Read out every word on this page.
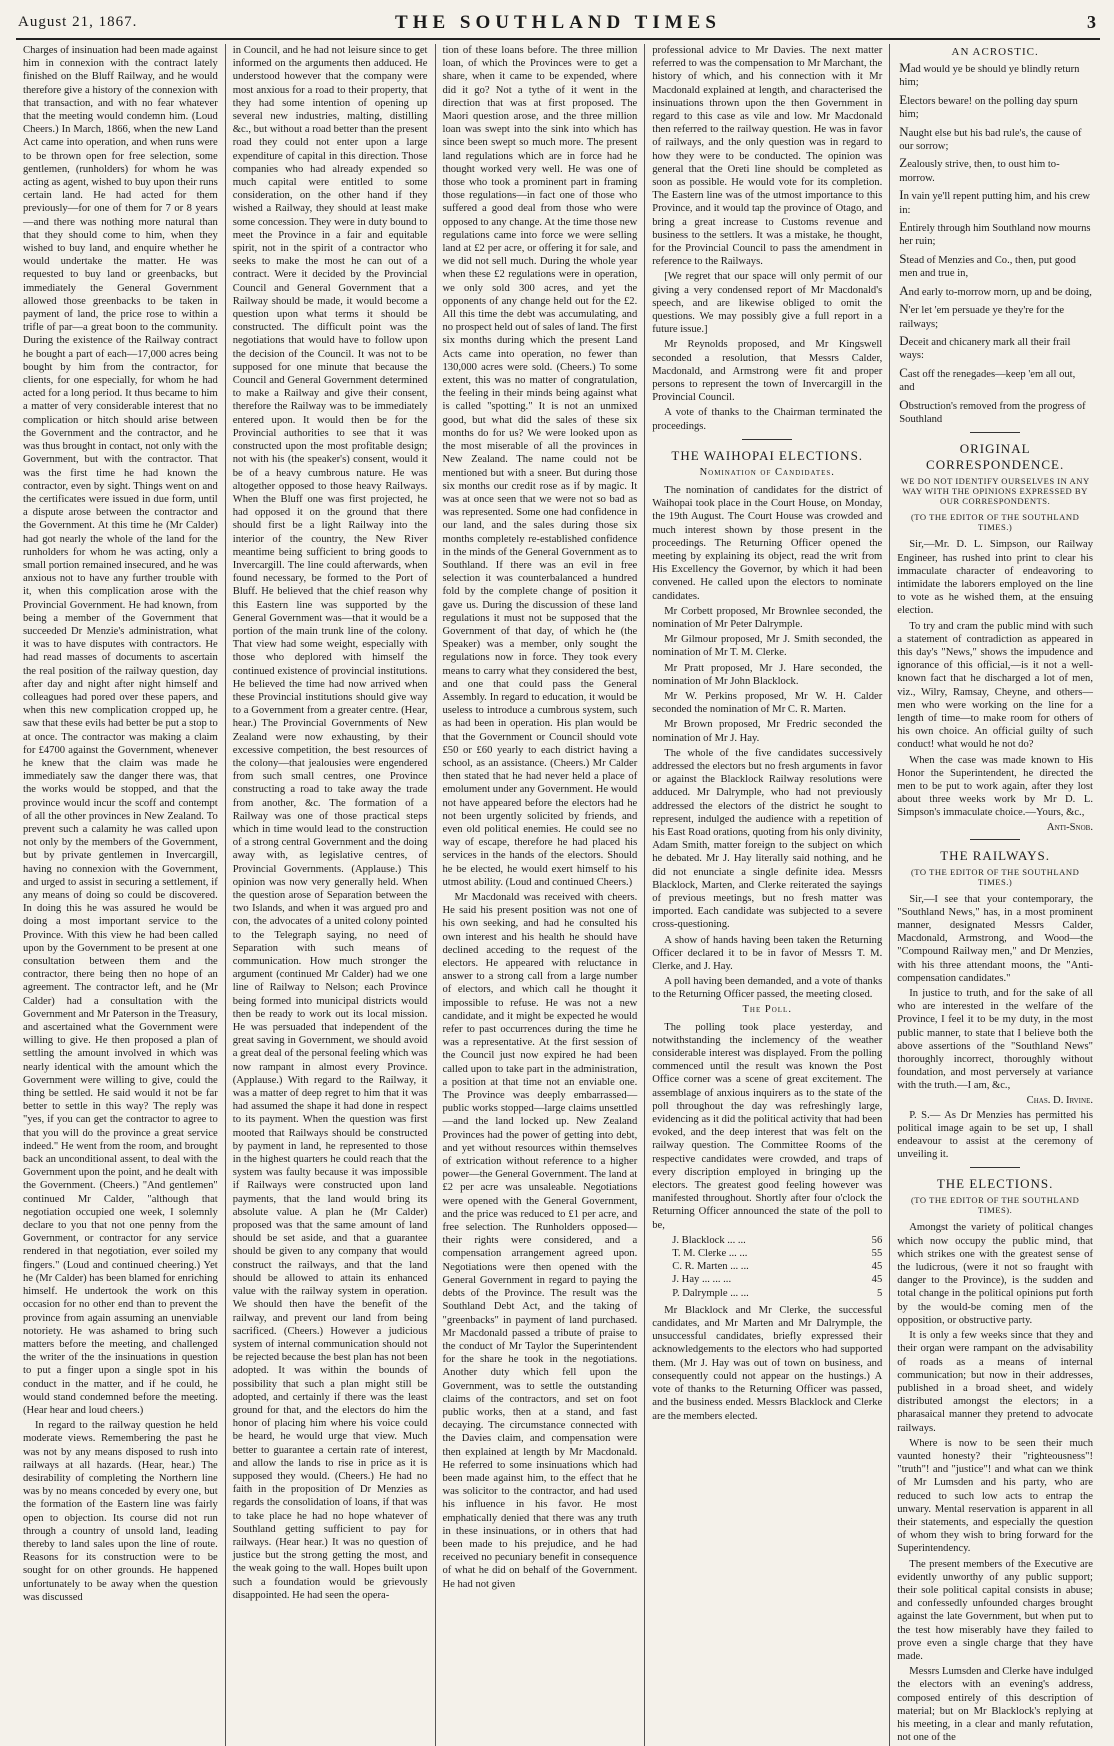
August 21, 1867.	THE SOUTHLAND TIMES	3

Charges of insinuation had been made against him in connexion with the contract lately finished on the Bluff Railway, and he would therefore give a history of the connexion with that transaction, and with no fear whatever that the meeting would condemn him. (Loud Cheers.) In March, 1866, when the new Land Act came into operation, and when runs were to be thrown open for free selection, some gentlemen, (runholders) for whom he was acting as agent, wished to buy upon their runs certain land. He had acted for them previously—for one of them for 7 or 8 years—and there was nothing more natural than that they should come to him, when they wished to buy land, and enquire whether he would undertake the matter. He was requested to buy land or greenbacks, but immediately the General Government allowed those greenbacks to be taken in payment of land, the price rose to within a trifle of par—a great boon to the community. During the existence of the Railway contract he bought a part of each—17,000 acres being bought by him from the contractor, for clients, for one especially, for whom he had acted for a long period. It thus became to him a matter of very considerable interest that no complication or hitch should arise between the Government and the contractor, and he was thus brought in contact, not only with the Government, but with the contractor. That was the first time he had known the contractor, even by sight. Things went on and the certificates were issued in due form, until a dispute arose between the contractor and the Government. At this time he (Mr Calder) had got nearly the whole of the land for the runholders for whom he was acting, only a small portion remained insecured, and he was anxious not to have any further trouble with it, when this complication arose with the Provincial Government. He had known, from being a member of the Government that succeeded Dr Menzie's administration, what it was to have disputes with contractors. He had read masses of documents to ascertain the real position of the railway question, day after day and night after night himself and colleagues had pored over these papers, and when this new complication cropped up, he saw that these evils had better be put a stop to at once. The contractor was making a claim for £4700 against the Government, whenever he knew that the claim was made he immediately saw the danger there was, that the works would be stopped, and that the province would incur the scoff and contempt of all the other provinces in New Zealand. To prevent such a calamity he was called upon not only by the members of the Government, but by private gentlemen in Invercargill, having no connexion with the Government, and urged to assist in securing a settlement, if any means of doing so could be discovered. In doing this he was assured he would be doing a most important service to the Province. With this view he had been called upon by the Government to be present at one consultation between them and the contractor, there being then no hope of an agreement. The contractor left, and he (Mr Calder) had a consultation with the Government and Mr Paterson in the Treasury, and ascertained what the Government were willing to give. He then proposed a plan of settling the amount involved in which was nearly identical with the amount which the Government were willing to give, could the thing be settled. He said would it not be far better to settle in this way? The reply was "yes, if you can get the contractor to agree to that you will do the province a great service indeed." He went from the room, and brought back an unconditional assent, to deal with the Government upon the point, and he dealt with the Government. (Cheers.) "And gentlemen" continued Mr Calder, "although that negotiation occupied one week, I solemnly declare to you that not one penny from the Government, or contractor for any service rendered in that negotiation, ever soiled my fingers." (Loud and continued cheering.) Yet he (Mr Calder) has been blamed for enriching himself. He undertook the work on this occasion for no other end than to prevent the province from again assuming an unenviable notoriety. He was ashamed to bring such matters before the meeting, and challenged the writer of the the insinuations in question to put a finger upon a single spot in his conduct in the matter, and if he could, he would stand condemned before the meeting. (Hear hear and loud cheers.)

In regard to the railway question he held moderate views. Remembering the past he was not by any means disposed to rush into railways at all hazards. (Hear, hear.) The desirability of completing the Northern line was by no means conceded by every one, but the formation of the Eastern line was fairly open to objection. Its course did not run through a country of unsold land, leading thereby to land sales upon the line of route. Reasons for its construction were to be sought for on other grounds. He happened unfortunately to be away when the question was discussed

in Council, and he had not leisure since to get informed on the arguments then adduced. He understood however that the company were most anxious for a road to their property, that they had some intention of opening up several new industries, malting, distilling &c., but without a road better than the present road they could not enter upon a large expenditure of capital in this direction. Those companies who had already expended so much capital were entitled to some consideration, on the other hand if they wished a Railway, they should at least make some concession. They were in duty bound to meet the Province in a fair and equitable spirit, not in the spirit of a contractor who seeks to make the most he can out of a contract. Were it decided by the Provincial Council and General Government that a Railway should be made, it would become a question upon what terms it should be constructed. The difficult point was the negotiations that would have to follow upon the decision of the Council. It was not to be supposed for one minute that because the Council and General Government determined to make a Railway and give their consent, therefore the Railway was to be immediately entered upon. It would then be for the Provincial authorities to see that it was constructed upon the most profitable design; not with his (the speaker's) consent, would it be of a heavy cumbrous nature. He was altogether opposed to those heavy Railways. When the Bluff one was first projected, he had opposed it on the ground that there should first be a light Railway into the interior of the country, the New River meantime being sufficient to bring goods to Invercargill. The line could afterwards, when found necessary, be formed to the Port of Bluff. He believed that the chief reason why this Eastern line was supported by the General Government was—that it would be a portion of the main trunk line of the colony. That view had some weight, especially with those who deplored with himself the continued existence of provincial institutions. He believed the time had now arrived when these Provincial institutions should give way to a Government from a greater centre. (Hear, hear.) The Provincial Governments of New Zealand were now exhausting, by their excessive competition, the best resources of the colony—that jealousies were engendered from such small centres, one Province constructing a road to take away the trade from another, &c. The formation of a Railway was one of those practical steps which in time would lead to the construction of a strong central Government and the doing away with, as legislative centres, of Provincial Governments. (Applause.) This opinion was now very generally held. When the question arose of Separation between the two Islands, and when it was argued pro and con, the advocates of a united colony pointed to the Telegraph saying, no need of Separation with such means of communication. How much stronger the argument (continued Mr Calder) had we one line of Railway to Nelson; each Province being formed into municipal districts would then be ready to work out its local mission. He was persuaded that independent of the great saving in Government, we should avoid a great deal of the personal feeling which was now rampant in almost every Province. (Applause.) With regard to the Railway, it was a matter of deep regret to him that it was had assumed the shape it had done in respect to its payment. When the question was first mooted that Railways should be constructed by payment in land, he represented to those in the highest quarters he could reach that the system was faulty because it was impossible if Railways were constructed upon land payments, that the land would bring its absolute value. A plan he (Mr Calder) proposed was that the same amount of land should be set aside, and that a guarantee should be given to any company that would construct the railways, and that the land should be allowed to attain its enhanced value with the railway system in operation. We should then have the benefit of the railway, and prevent our land from being sacrificed. (Cheers.) However a judicious system of internal communication should not be rejected because the best plan has not been adopted. It was within the bounds of possibility that such a plan might still be adopted, and certainly if there was the least ground for that, and the electors do him the honor of placing him where his voice could be heard, he would urge that view. Much better to guarantee a certain rate of interest, and allow the lands to rise in price as it is supposed they would. (Cheers.) He had no faith in the proposition of Dr Menzies as regards the consolidation of loans, if that was to take place he had no hope whatever of Southland getting sufficient to pay for railways. (Hear hear.) It was no question of justice but the strong getting the most, and the weak going to the wall. Hopes built upon such a foundation would be grievously disappointed. He had seen the opera-

tion of these loans before. The three million loan, of which the Provinces were to get a share, when it came to be expended, where did it go? Not a tythe of it went in the direction that was at first proposed. The Maori question arose, and the three million loan was swept into the sink into which has since been swept so much more. The present land regulations which are in force had he thought worked very well. He was one of those who took a prominent part in framing those regulations—in fact one of those who suffered a good deal from those who were opposed to any change. At the time those new regulations came into force we were selling land at £2 per acre, or offering it for sale, and we did not sell much. During the whole year when these £2 regulations were in operation, we only sold 300 acres, and yet the opponents of any change held out for the £2. All this time the debt was accumulating, and no prospect held out of sales of land. The first six months during which the present Land Acts came into operation, no fewer than 130,000 acres were sold. (Cheers.) To some extent, this was no matter of congratulation, the feeling in their minds being against what is called "spotting." It is not an unmixed good, but what did the sales of these six months do for us? We were looked upon as the most miserable of all the provinces in New Zealand. The name could not be mentioned but with a sneer. But during those six months our credit rose as if by magic. It was at once seen that we were not so bad as was represented. Some one had confidence in our land, and the sales during those six months completely re-established confidence in the minds of the General Government as to Southland. If there was an evil in free selection it was counterbalanced a hundred fold by the complete change of position it gave us. During the discussion of these land regulations it must not be supposed that the Government of that day, of which he (the Speaker) was a member, only sought the regulations now in force. They took every means to carry what they considered the best, and one that could pass the General Assembly. In regard to education, it would be useless to introduce a cumbrous system, such as had been in operation. His plan would be that the Government or Council should vote £50 or £60 yearly to each district having a school, as an assistance. (Cheers.) Mr Calder then stated that he had never held a place of emolument under any Government. He would not have appeared before the electors had he not been urgently solicited by friends, and even old political enemies. He could see no way of escape, therefore he had placed his services in the hands of the electors. Should he be elected, he would exert himself to his utmost ability. (Loud and continued Cheers.)

Mr Macdonald was received with cheers. He said his present position was not one of his own seeking, and had he consulted his own interest and his health he should have declined acceding to the request of the electors. He appeared with reluctance in answer to a strong call from a large number of electors, and which call he thought it impossible to refuse. He was not a new candidate, and it might be expected he would refer to past occurrences during the time he was a representative. At the first session of the Council just now expired he had been called upon to take part in the administration, a position at that time not an enviable one. The Province was deeply embarrassed—public works stopped—large claims unsettled—and the land locked up. New Zealand Provinces had the power of getting into debt, and yet without resources within themselves of extrication without reference to a higher power—the General Government. The land at £2 per acre was unsaleable. Negotiations were opened with the General Government, and the price was reduced to £1 per acre, and free selection. The Runholders opposed—their rights were considered, and a compensation arrangement agreed upon. Negotiations were then opened with the General Government in regard to paying the debts of the Province. The result was the Southland Debt Act, and the taking of "greenbacks" in payment of land purchased. Mr Macdonald passed a tribute of praise to the conduct of Mr Taylor the Superintendent for the share he took in the negotiations. Another duty which fell upon the Government, was to settle the outstanding claims of the contractors, and set on foot public works, then at a stand, and fast decaying. The circumstance connected with the Davies claim, and compensation were then explained at length by Mr Macdonald. He referred to some insinuations which had been made against him, to the effect that he was solicitor to the contractor, and had used his influence in his favor. He most emphatically denied that there was any truth in these insinuations, or in others that had been made to his prejudice, and he had received no pecuniary benefit in consequence of what he did on behalf of the Government. He had not given

professional advice to Mr Davies. The next matter referred to was the compensation to Mr Marchant, the history of which, and his connection with it Mr Macdonald explained at length, and characterised the insinuations thrown upon the then Government in regard to this case as vile and low. Mr Macdonald then referred to the railway question. He was in favor of railways, and the only question was in regard to how they were to be conducted. The opinion was general that the Oreti line should be completed as soon as possible. He would vote for its completion. The Eastern line was of the utmost importance to this Province, and it would tap the province of Otago, and bring a great increase to Customs revenue and business to the settlers. It was a mistake, he thought, for the Provincial Council to pass the amendment in reference to the Railways.

[We regret that our space will only permit of our giving a very condensed report of Mr Macdonald's speech, and are likewise obliged to omit the questions. We may possibly give a full report in a future issue.]

Mr Reynolds proposed, and Mr Kingswell seconded a resolution, that Messrs Calder, Macdonald, and Armstrong were fit and proper persons to represent the town of Invercargill in the Provincial Council.

A vote of thanks to the Chairman terminated the proceedings.

THE WAIHOPAI ELECTIONS.
Nomination of Candidates.

The nomination of candidates for the district of Waihopai took place in the Court House, on Monday, the 19th August. The Court House was crowded and much interest shown by those present in the proceedings. The Returning Officer opened the meeting by explaining its object, read the writ from His Excellency the Governor, by which it had been convened. He called upon the electors to nominate candidates.

Mr Corbett proposed, Mr Brownlee seconded, the nomination of Mr Peter Dalrymple.

Mr Gilmour proposed, Mr J. Smith seconded, the nomination of Mr T. M. Clerke.

Mr Pratt proposed, Mr J. Hare seconded, the nomination of Mr John Blacklock.

Mr W. Perkins proposed, Mr W. H. Calder seconded the nomination of Mr C. R. Marten.

Mr Brown proposed, Mr Fredric seconded the nomination of Mr J. Hay.

The whole of the five candidates successively addressed the electors but no fresh arguments in favor or against the Blacklock Railway resolutions were adduced. Mr Dalrymple, who had not previously addressed the electors of the district he sought to represent, indulged the audience with a repetition of his East Road orations, quoting from his only divinity, Adam Smith, matter foreign to the subject on which he debated. Mr J. Hay literally said nothing, and he did not enunciate a single definite idea. Messrs Blacklock, Marten, and Clerke reiterated the sayings of previous meetings, but no fresh matter was imported. Each candidate was subjected to a severe cross-questioning.

A show of hands having been taken the Returning Officer declared it to be in favor of Messrs T. M. Clerke, and J. Hay.

A poll having been demanded, and a vote of thanks to the Returning Officer passed, the meeting closed.

The Poll.

The polling took place yesterday, and notwithstanding the inclemency of the weather considerable interest was displayed. From the polling commenced until the result was known the Post Office corner was a scene of great excitement. The assemblage of anxious inquirers as to the state of the poll throughout the day was refreshingly large, evidencing as it did the political activity that had been evoked, and the deep interest that was felt on the railway question. The Committee Rooms of the respective candidates were crowded, and traps of every discription employed in bringing up the electors. The greatest good feeling however was manifested throughout. Shortly after four o'clock the Returning Officer announced the state of the poll to be,

J. Blacklock ... ...	56
T. M. Clerke ... ...	55
C. R. Marten ... ...	45
J. Hay ... ... ...	45
P. Dalrymple ... ...	5

Mr Blacklock and Mr Clerke, the successful candidates, and Mr Marten and Mr Dalrymple, the unsuccessful candidates, briefly expressed their acknowledgements to the electors who had supported them. (Mr J. Hay was out of town on business, and consequently could not appear on the hustings.) A vote of thanks to the Returning Officer was passed, and the business ended. Messrs Blacklock and Clerke are the members elected.

AN ACROSTIC.
Mad would ye be should ye blindly return him;
Electors beware! on the polling day spurn him;
Naught else but his bad rule's, the cause of our sorrow;
Zealously strive, then, to oust him to-morrow.
In vain ye'll repent putting him, and his crew in:
Entirely through him Southland now mourns her ruin;
Stead of Menzies and Co., then, put good men and true in,
And early to-morrow morn, up and be doing,
N'er let 'em persuade ye they're for the railways;
Deceit and chicanery mark all their frail ways:
Cast off the renegades—keep 'em all out, and
Obstruction's removed from the progress of Southland
ORIGINAL CORRESPONDENCE.
WE DO NOT IDENTIFY OURSELVES IN ANY WAY WITH THE OPINIONS EXPRESSED BY OUR CORRESPONDENTS.
(TO THE EDITOR OF THE SOUTHLAND TIMES.)

Sir,—Mr. D. L. Simpson, our Railway Engineer, has rushed into print to clear his immaculate character of endeavoring to intimidate the laborers employed on the line to vote as he wished them, at the ensuing election.

To try and cram the public mind with such a statement of contradiction as appeared in this day's "News," shows the impudence and ignorance of this official,—is it not a well-known fact that he discharged a lot of men, viz., Wilry, Ramsay, Cheyne, and others—men who were working on the line for a length of time—to make room for others of his own choice. An official guilty of such conduct! what would he not do?

When the case was made known to His Honor the Superintendent, he directed the men to be put to work again, after they lost about three weeks work by Mr D. L. Simpson's immaculate choice.—Yours, &c.,

Anti-Snob.
THE RAILWAYS.
(TO THE EDITOR OF THE SOUTHLAND TIMES.)

Sir,—I see that your contemporary, the "Southland News," has, in a most prominent manner, designated Messrs Calder, Macdonald, Armstrong, and Wood—the "Compound Railway men," and Dr Menzies, with his three attendant moons, the "Anti-compensation candidates."

In justice to truth, and for the sake of all who are interested in the welfare of the Province, I feel it to be my duty, in the most public manner, to state that I believe both the above assertions of the "Southland News" thoroughly incorrect, thoroughly without foundation, and most perversely at variance with the truth.—I am, &c.,

Chas. D. Irvine.

P. S.— As Dr Menzies has permitted his political image again to be set up, I shall endeavour to assist at the ceremony of unveiling it.

THE ELECTIONS.
(TO THE EDITOR OF THE SOUTHLAND TIMES).

Amongst the variety of political changes which now occupy the public mind, that which strikes one with the greatest sense of the ludicrous, (were it not so fraught with danger to the Province), is the sudden and total change in the political opinions put forth by the would-be coming men of the opposition, or obstructive party.

It is only a few weeks since that they and their organ were rampant on the advisability of roads as a means of internal communication; but now in their addresses, published in a broad sheet, and widely distributed amongst the electors; in a pharasaical manner they pretend to advocate railways.

Where is now to be seen their much vaunted honesty? their "righteousness"! "truth"! and "justice"! and what can we think of Mr Lumsden and his party, who are reduced to such low acts to entrap the unwary. Mental reservation is apparent in all their statements, and especially the question of whom they wish to bring forward for the Superintendency.

The present members of the Executive are evidently unworthy of any public support; their sole political capital consists in abuse; and confessedly unfounded charges brought against the late Government, but when put to the test how miserably have they failed to prove even a single charge that they have made.

Messrs Lumsden and Clerke have indulged the electors with an evening's address, composed entirely of this description of material; but on Mr Blacklock's replying at his meeting, in a clear and manly refutation, not one of the
